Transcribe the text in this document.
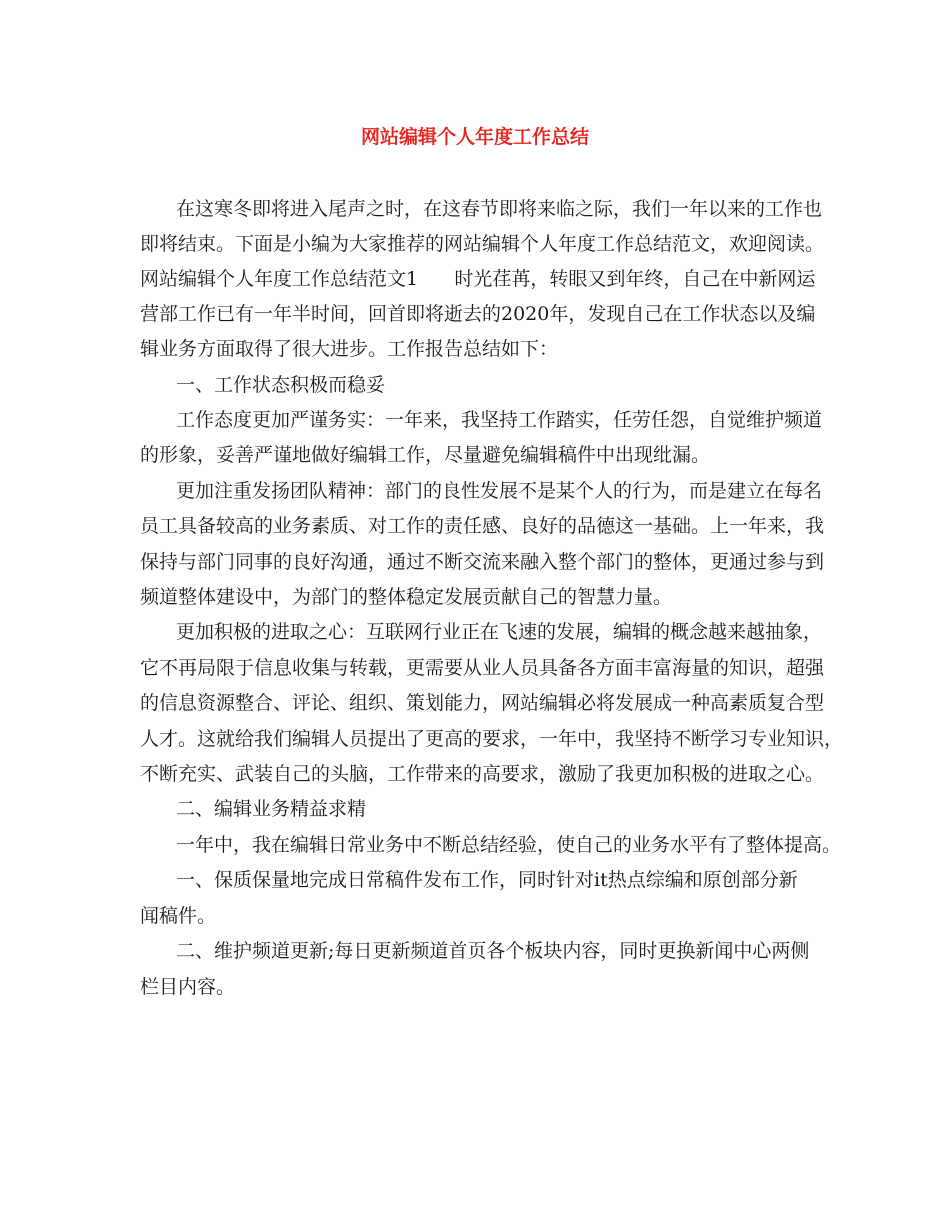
网站编辑个人年度工作总结

在这寒冬即将进入尾声之时，在这春节即将来临之际，我们一年以来的工作也

即将结束。下面是小编为大家推荐的网站编辑个人年度工作总结范文，欢迎阅读。

网站编辑个人年度工作总结范文1      时光荏苒，转眼又到年终，自己在中新网运

营部工作已有一年半时间，回首即将逝去的2020年，发现自己在工作状态以及编

辑业务方面取得了很大进步。工作报告总结如下：

一、工作状态积极而稳妥

工作态度更加严谨务实：一年来，我坚持工作踏实，任劳任怨，自觉维护频道

的形象，妥善严谨地做好编辑工作，尽量避免编辑稿件中出现纰漏。

更加注重发扬团队精神：部门的良性发展不是某个人的行为，而是建立在每名

员工具备较高的业务素质、对工作的责任感、良好的品德这一基础。上一年来，我

保持与部门同事的良好沟通，通过不断交流来融入整个部门的整体，更通过参与到

频道整体建设中，为部门的整体稳定发展贡献自己的智慧力量。

更加积极的进取之心：互联网行业正在飞速的发展，编辑的概念越来越抽象，

它不再局限于信息收集与转载，更需要从业人员具备各方面丰富海量的知识，超强

的信息资源整合、评论、组织、策划能力，网站编辑必将发展成一种高素质复合型

人才。这就给我们编辑人员提出了更高的要求，一年中，我坚持不断学习专业知识，

不断充实、武装自己的头脑，工作带来的高要求，激励了我更加积极的进取之心。

二、编辑业务精益求精

一年中，我在编辑日常业务中不断总结经验，使自己的业务水平有了整体提高。

一、保质保量地完成日常稿件发布工作，同时针对it热点综编和原创部分新

闻稿件。

二、维护频道更新;每日更新频道首页各个板块内容，同时更换新闻中心两侧

栏目内容。
